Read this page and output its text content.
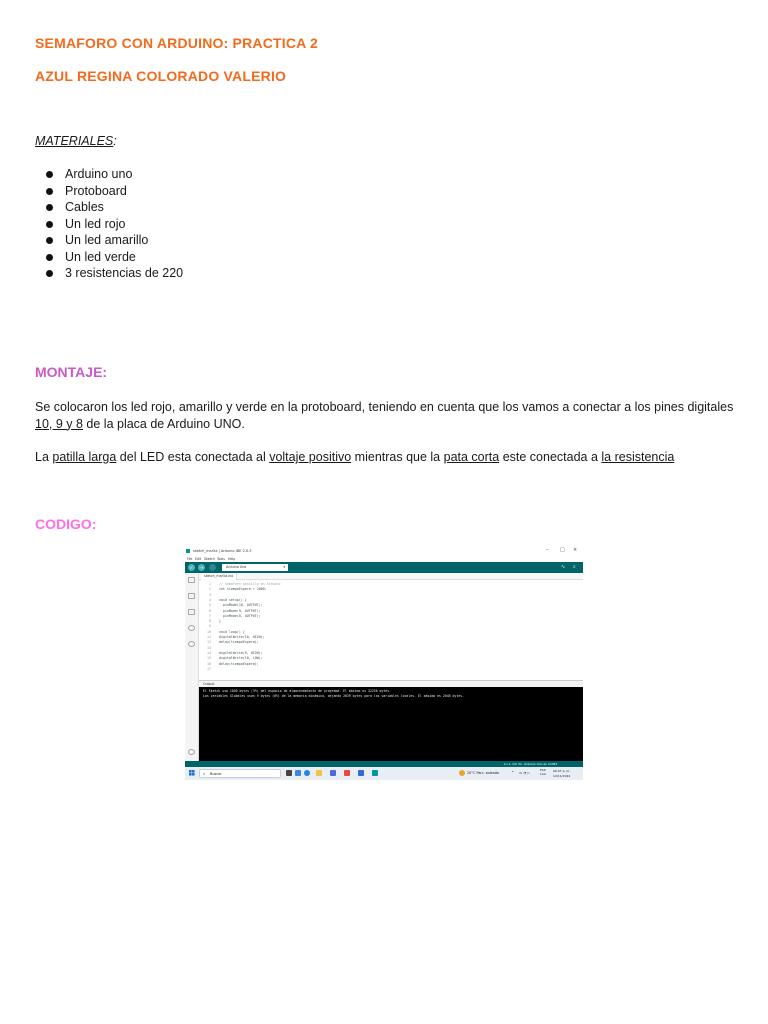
SEMAFORO CON ARDUINO: PRACTICA 2
AZUL REGINA COLORADO VALERIO
MATERIALES:
Arduino uno
Protoboard
Cables
Un led rojo
Un led amarillo
Un led verde
3 resistencias de 220
MONTAJE:
Se colocaron los led rojo, amarillo y verde en la protoboard, teniendo en cuenta que los vamos a conectar a los pines digitales
10, 9 y 8 de la placa de Arduino UNO.
La patilla larga del LED esta conectada al voltaje positivo mientras que la pata corta este conectada a la resistencia
CODIGO:
sketch_mar5a | Arduino IDE 2.0.3	– □ ×
File Edit Sketch Tools Help
✓	→	Arduino Uno	▾	∿ ⌕
sketch_mar5a.ino
1 // Semaforo sencillo en Arduino
2 int tiempoEspera = 2000;
3
4 void setup() {
5 pinMode(10, OUTPUT);
6 pinMode(9, OUTPUT);
7 pinMode(8, OUTPUT);
8 }
9
10 void loop() {
11 digitalWrite(10, HIGH);
12 delay(tiempoEspera);
13
14 digitalWrite(9, HIGH);
15 digitalWrite(10, LOW);
16 delay(tiempoEspera);
17
Output
El Sketch usa 1050 bytes (3%) del espacio de almacenamiento de programa. El máximo es 32256 bytes.
Las variables Globales usan 9 bytes (0%) de la memoria dinámica, dejando 2039 bytes para las variables locales. El máximo es 2048 bytes.
Ln 1, Col 31 Arduino Uno en COM4
⌕ Buscar	20°C Parc. soleado	⌃ ▭ ◔ ▷
ESP
LAA
09:07 p. m.
12/11/2024
